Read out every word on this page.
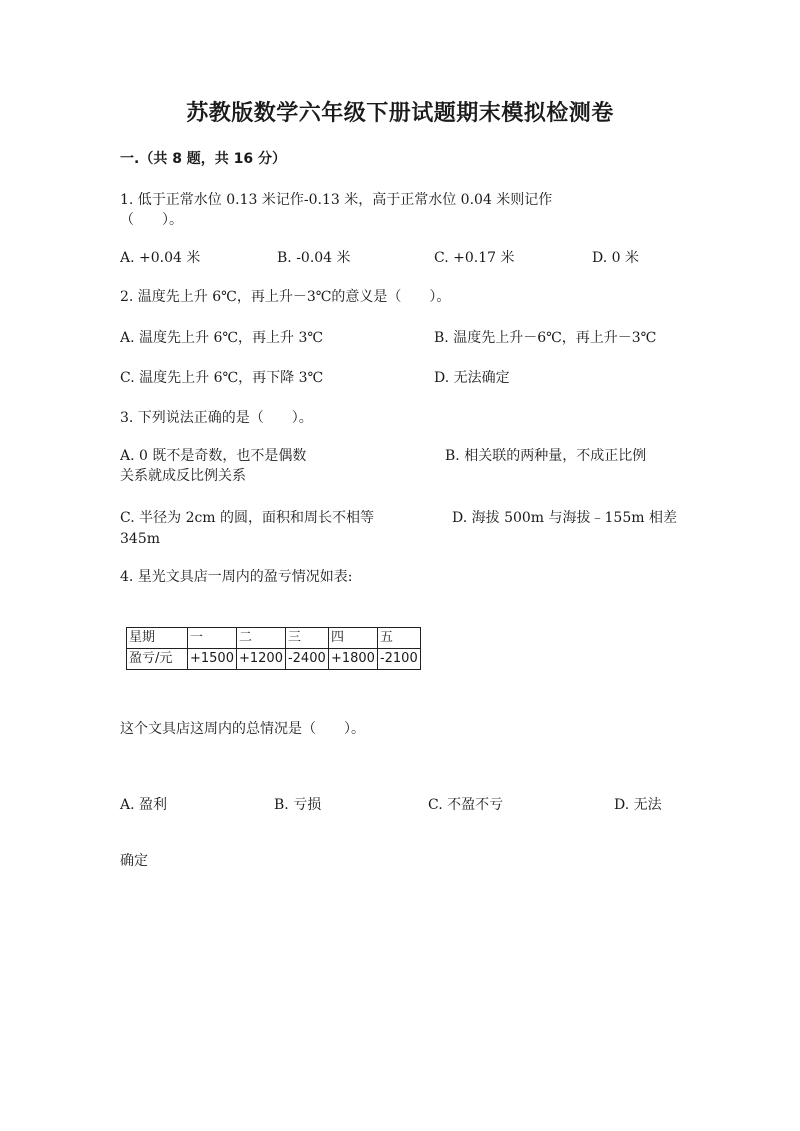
苏教版数学六年级下册试题期末模拟检测卷
一.（共 8 题，共 16 分）
1. 低于正常水位 0.13 米记作-0.13 米，高于正常水位 0.04 米则记作
（　　）。
A. +0.04 米	B. -0.04 米	C. +0.17 米	D. 0 米
2. 温度先上升 6℃，再上升－3℃的意义是（　　）。
A. 温度先上升 6℃，再上升 3℃	B. 温度先上升－6℃，再上升－3℃
C. 温度先上升 6℃，再下降 3℃	D. 无法确定
3. 下列说法正确的是（　　）。
A. 0 既不是奇数，也不是偶数	B. 相关联的两种量，不成正比例
关系就成反比例关系
C. 半径为 2cm 的圆，面积和周长不相等	D. 海拔 500m 与海拔﹣155m 相差
345m
4. 星光文具店一周内的盈亏情况如表:
星期	一	二	三	四	五
盈亏/元	+1500	+1200	-2400	+1800	-2100
这个文具店这周内的总情况是（　　）。
A. 盈利	B. 亏损	C. 不盈不亏	D. 无法
确定
